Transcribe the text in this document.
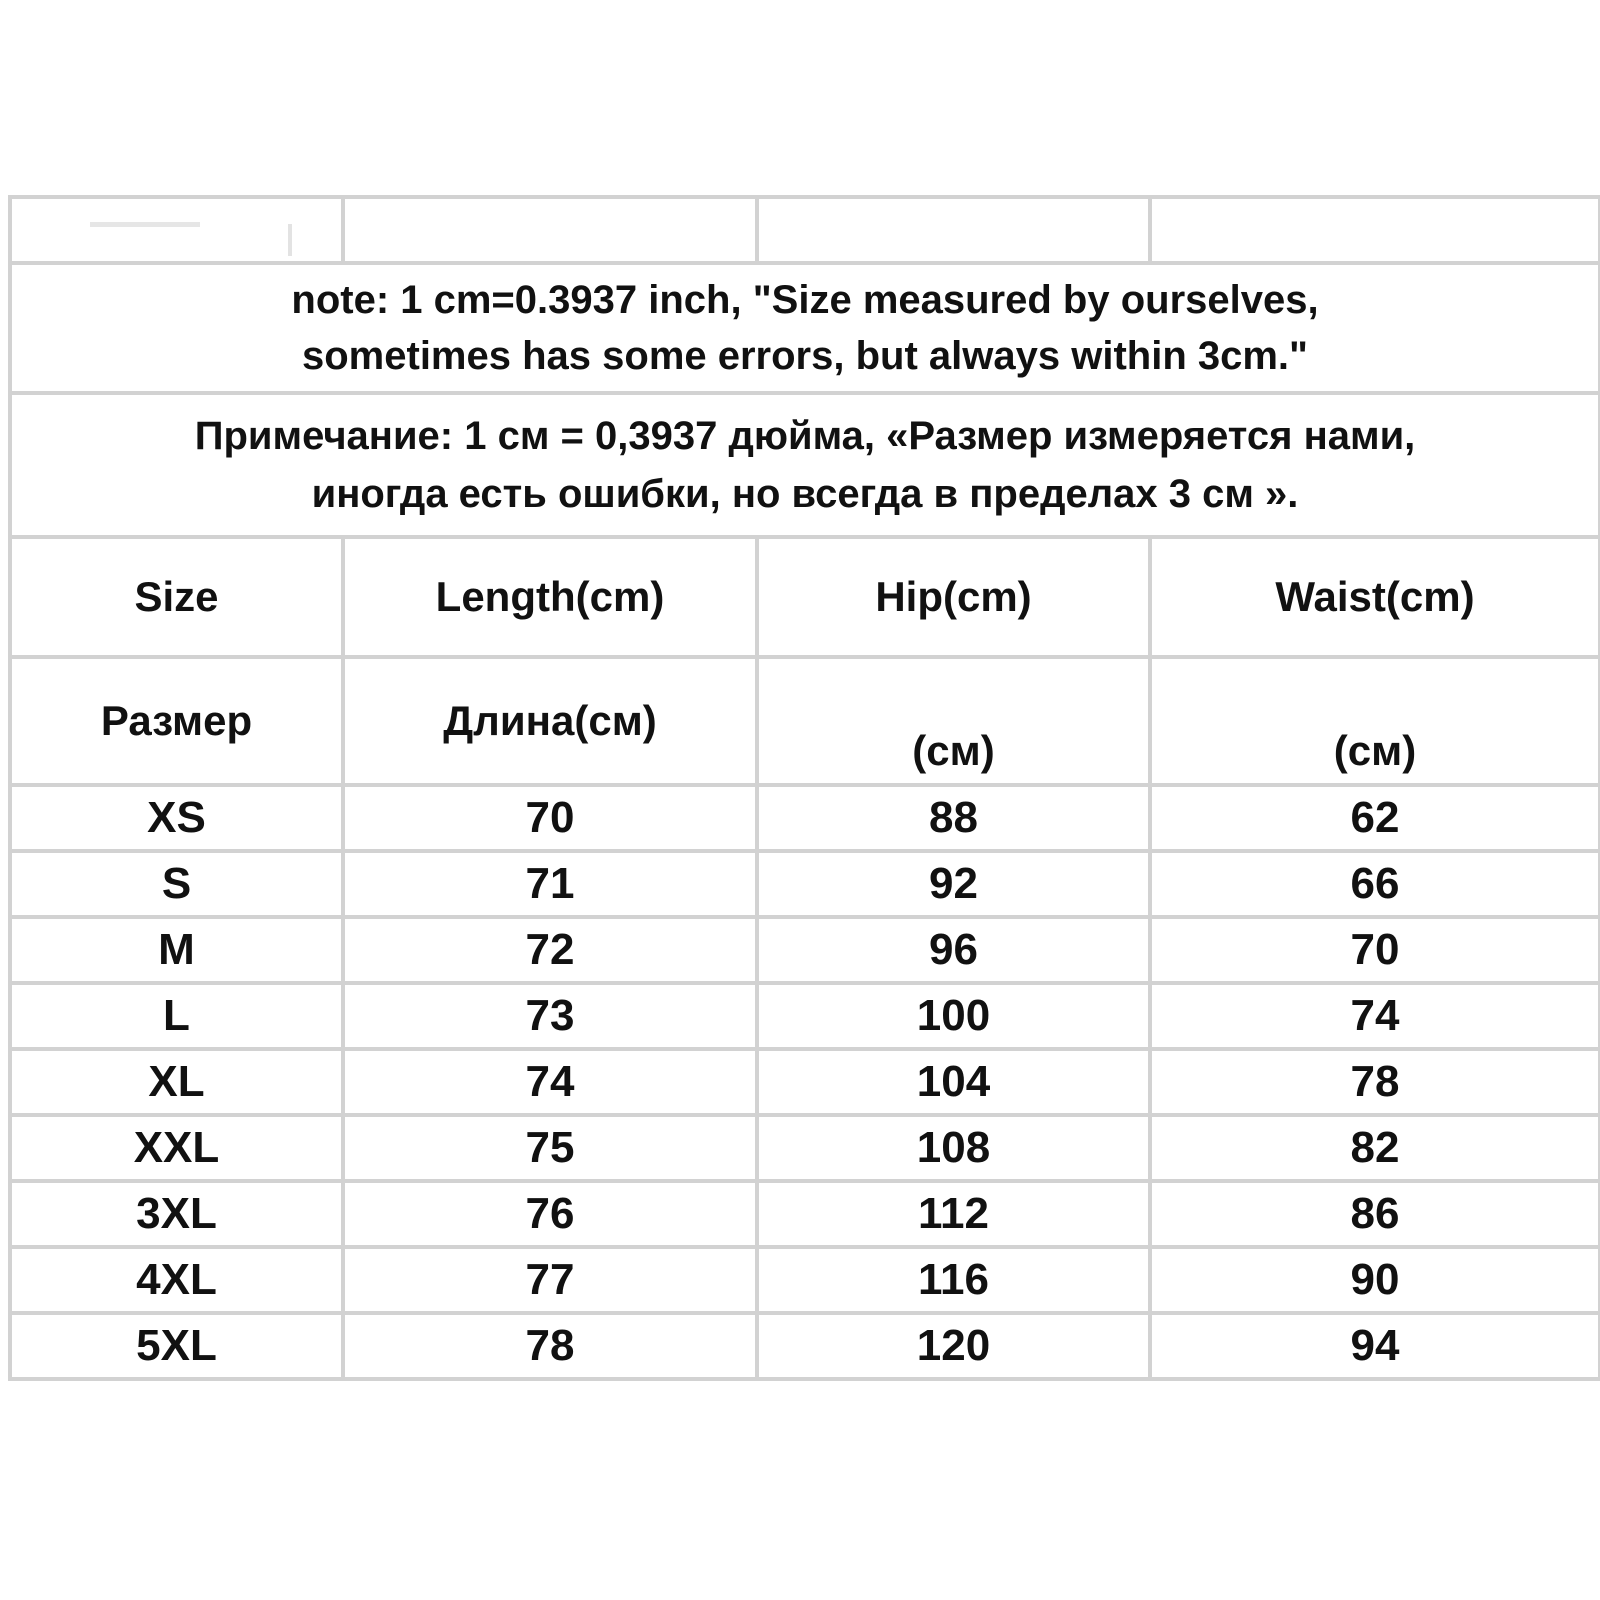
note: 1 cm=0.3937 inch, "Size measured by ourselves,
sometimes has some errors, but always within 3cm."			

Примечание: 1 см = 0,3937 дюйма, «Размер измеряется нами,
иногда есть ошибки, но всегда в пределах 3 см ».			

Size	Length(cm)	Hip(cm)	Waist(cm)
Размер	Длина(см)	(см)	(см)
XS	70	88	62
S	71	92	66
M	72	96	70
L	73	100	74
XL	74	104	78
XXL	75	108	82
3XL	76	112	86
4XL	77	116	90
5XL	78	120	94
